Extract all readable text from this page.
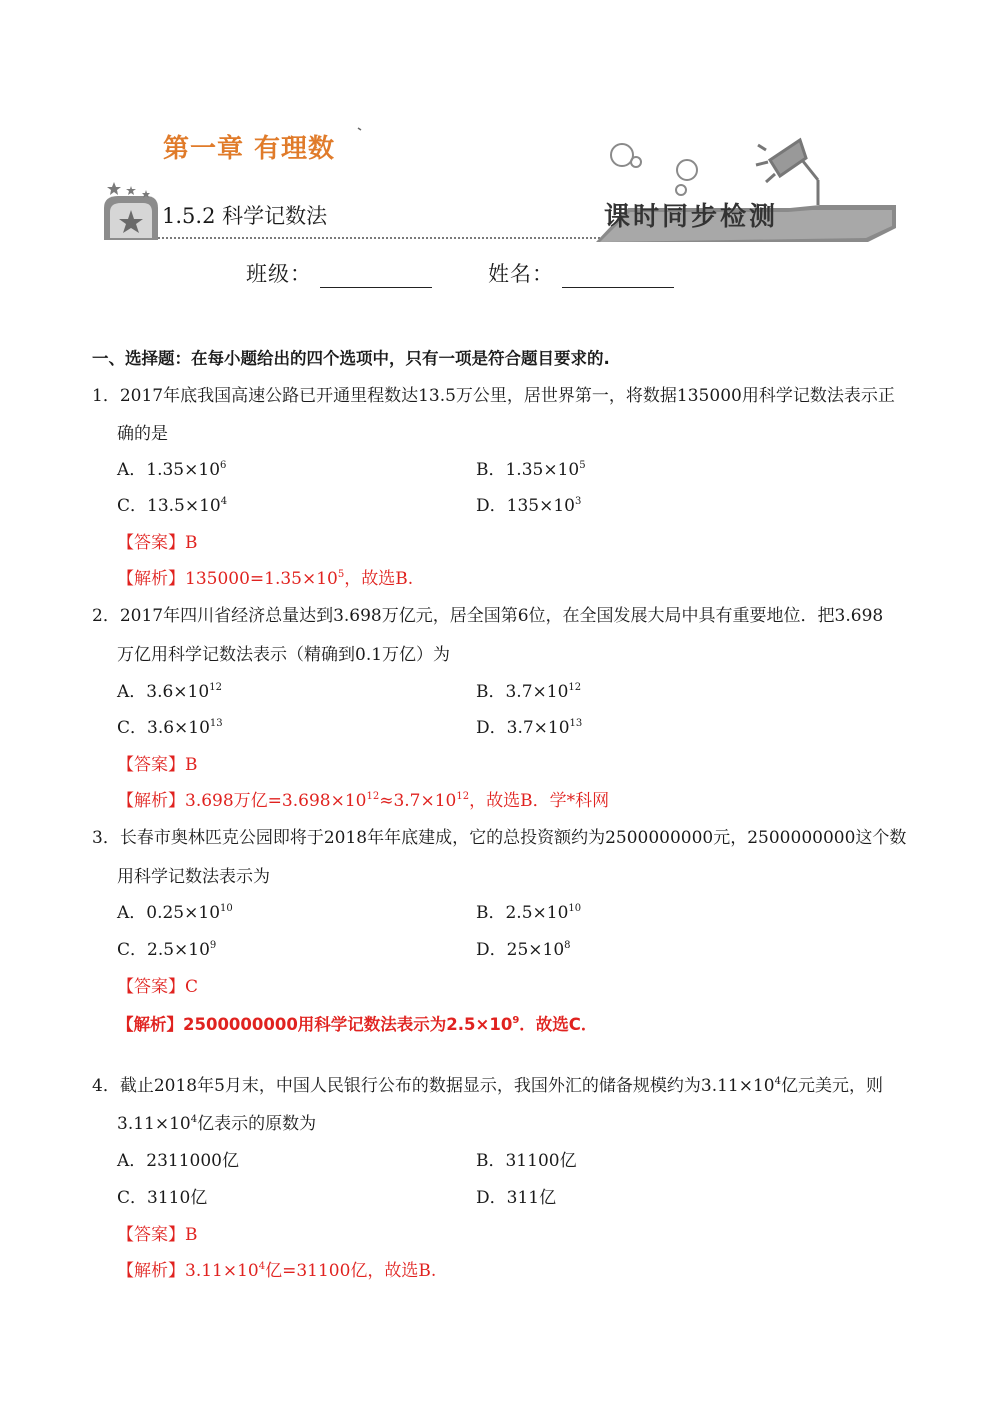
第一章 有理数
1.5.2 科学记数法	课时同步检测
班级：	姓名：
一、选择题：在每小题给出的四个选项中，只有一项是符合题目要求的.
1．2017年底我国高速公路已开通里程数达13.5万公里，居世界第一，将数据135000用科学记数法表示正
确的是
A．$1.35\times 10^6$	B．$1.35\times 10^5$
C．$13.5\times 10^4$	D．$135\times 10^3$
【答案】B
【解析】$135000=1.35\times 10^5$，故选B.
2．2017年四川省经济总量达到3.698万亿元，居全国第6位，在全国发展大局中具有重要地位．把3.698
万亿用科学记数法表示（精确到0.1万亿）为
A．$3.6\times 10^{12}$	B．$3.7\times 10^{12}$
C．$3.6\times 10^{13}$	D．$3.7\times 10^{13}$
【答案】B
【解析】3.698万亿$=3.698\times 10^{12}\approx 3.7\times 10^{12}$，故选B．学*科网
3．长春市奥林匹克公园即将于2018年年底建成，它的总投资额约为2500000000元，2500000000这个数
用科学记数法表示为
A．$0.25\times 10^{10}$	B．$2.5\times 10^{10}$
C．$2.5\times 10^9$	D．$25\times 10^8$
【答案】C
【解析】2500000000用科学记数法表示为$2.5\times 10^9$．故选C．
4．截止2018年5月末，中国人民银行公布的数据显示，我国外汇的储备规模约为$3.11\times 10^4$亿元美元，则
$3.11\times 10^4$亿表示的原数为
A．2311000亿	B．31100亿
C．3110亿	D．311亿
【答案】B
【解析】$3.11\times 10^4$亿=31100亿，故选B.
